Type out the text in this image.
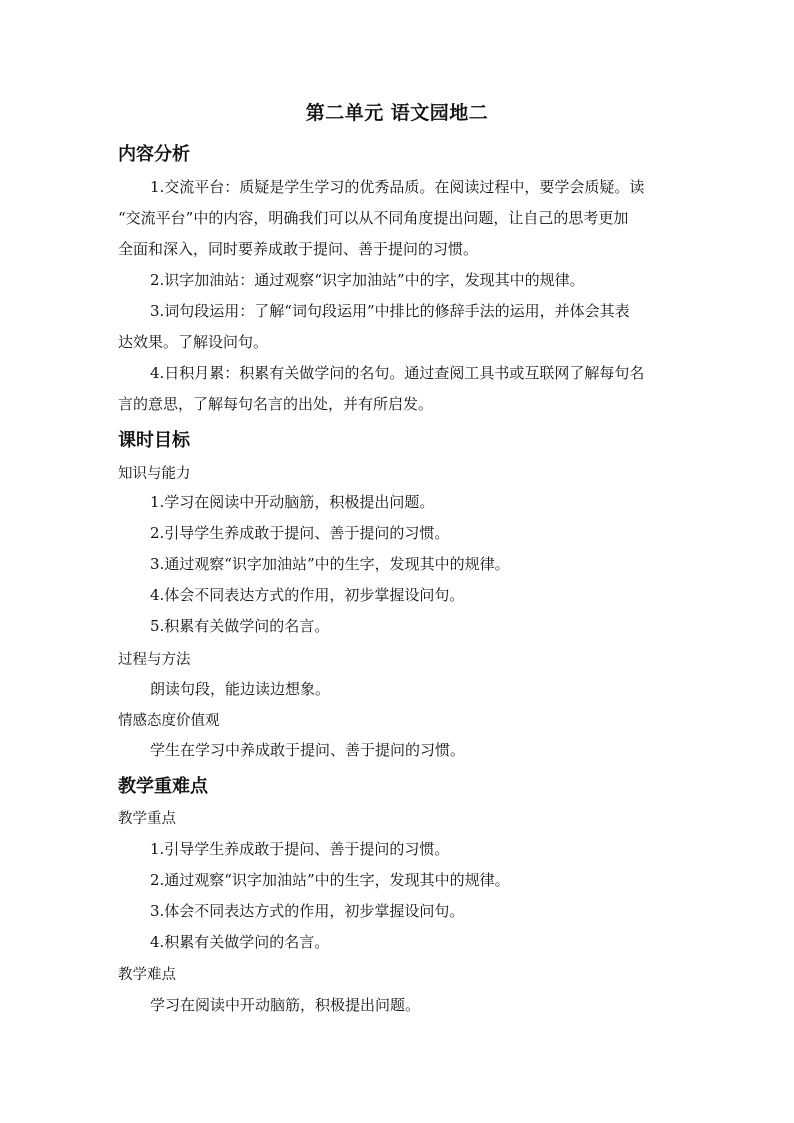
第二单元 语文园地二
内容分析
1.交流平台：质疑是学生学习的优秀品质。在阅读过程中，要学会质疑。读
“交流平台”中的内容，明确我们可以从不同角度提出问题，让自己的思考更加
全面和深入，同时要养成敢于提问、善于提问的习惯。
2.识字加油站：通过观察“识字加油站”中的字，发现其中的规律。
3.词句段运用：了解“词句段运用”中排比的修辞手法的运用，并体会其表
达效果。了解设问句。
4.日积月累：积累有关做学问的名句。通过查阅工具书或互联网了解每句名
言的意思，了解每句名言的出处，并有所启发。
课时目标
知识与能力
1.学习在阅读中开动脑筋，积极提出问题。
2.引导学生养成敢于提问、善于提问的习惯。
3.通过观察“识字加油站”中的生字，发现其中的规律。
4.体会不同表达方式的作用，初步掌握设问句。
5.积累有关做学问的名言。
过程与方法
朗读句段，能边读边想象。
情感态度价值观
学生在学习中养成敢于提问、善于提问的习惯。
教学重难点
教学重点
1.引导学生养成敢于提问、善于提问的习惯。
2.通过观察“识字加油站”中的生字，发现其中的规律。
3.体会不同表达方式的作用，初步掌握设问句。
4.积累有关做学问的名言。
教学难点
学习在阅读中开动脑筋，积极提出问题。
